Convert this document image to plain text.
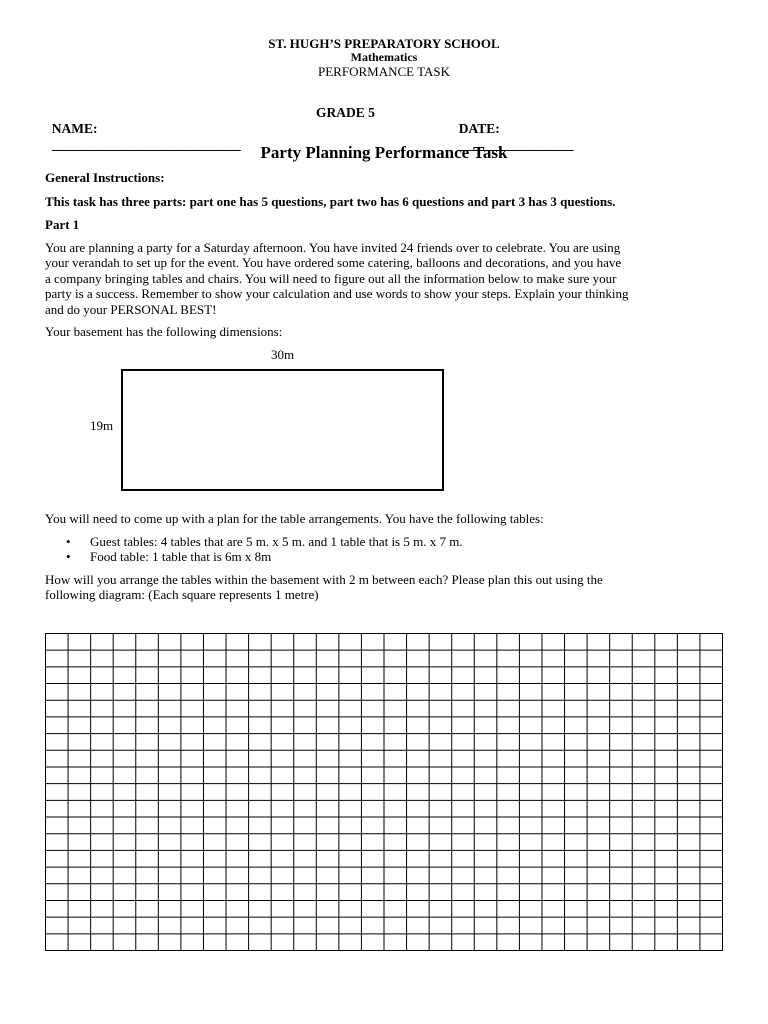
ST. HUGH’S PREPARATORY SCHOOL
Mathematics
PERFORMANCE TASK

NAME:
____________________________

GRADE 5

DATE:
_________________

Party Planning Performance Task
General Instructions:
This task has three parts: part one has 5 questions, part two has 6 questions and part 3 has 3 questions.
Part 1
You are planning a party for a Saturday afternoon. You have invited 24 friends over to celebrate. You are using
your verandah to set up for the event. You have ordered some catering, balloons and decorations, and you have
a company bringing tables and chairs. You will need to figure out all the information below to make sure your
party is a success. Remember to show your calculation and use words to show your steps. Explain your thinking
and do your PERSONAL BEST!
Your basement has the following dimensions:
30m
19m
You will need to come up with a plan for the table arrangements. You have the following tables:
• Guest tables: 4 tables that are 5 m. x 5 m. and 1 table that is 5 m. x 7 m.
• Food table: 1 table that is 6m x 8m
How will you arrange the tables within the basement with 2 m between each? Please plan this out using the
following diagram: (Each square represents 1 metre)
